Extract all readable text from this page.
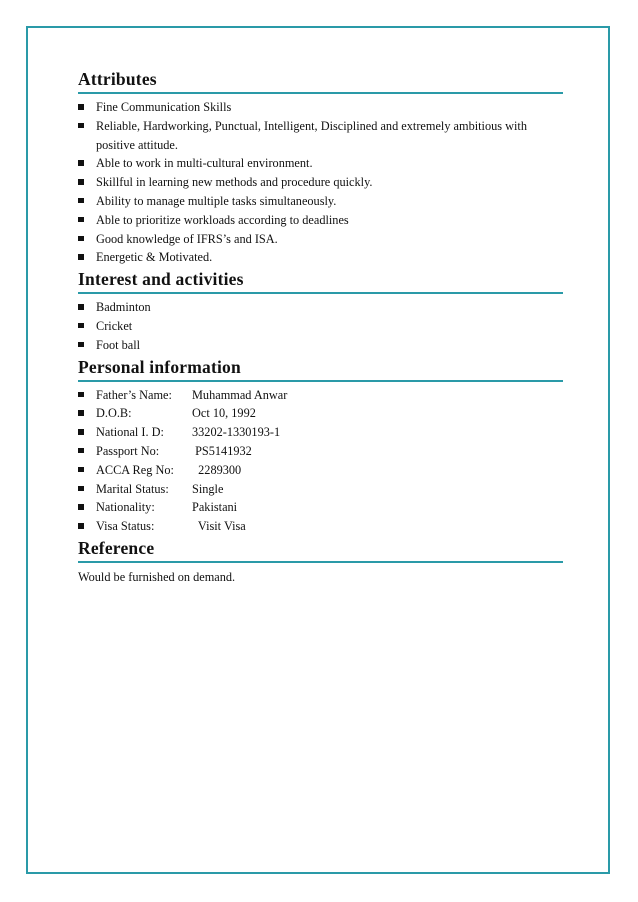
Attributes
Fine Communication Skills
Reliable, Hardworking, Punctual, Intelligent, Disciplined and extremely ambitious with positive attitude.
Able to work in multi-cultural environment.
Skillful in learning new methods and procedure quickly.
Ability to manage multiple tasks simultaneously.
Able to prioritize workloads according to deadlines
Good knowledge of IFRS’s and ISA.
Energetic & Motivated.
Interest and activities
Badminton
Cricket
Foot ball
Personal information
Father’s Name:	Muhammad Anwar
D.O.B:	Oct 10, 1992
National I. D:	33202-1330193-1
Passport No:	PS5141932
ACCA Reg No:	2289300
Marital Status:	Single
Nationality:	Pakistani
Visa Status:	Visit Visa
Reference
Would be furnished on demand.
